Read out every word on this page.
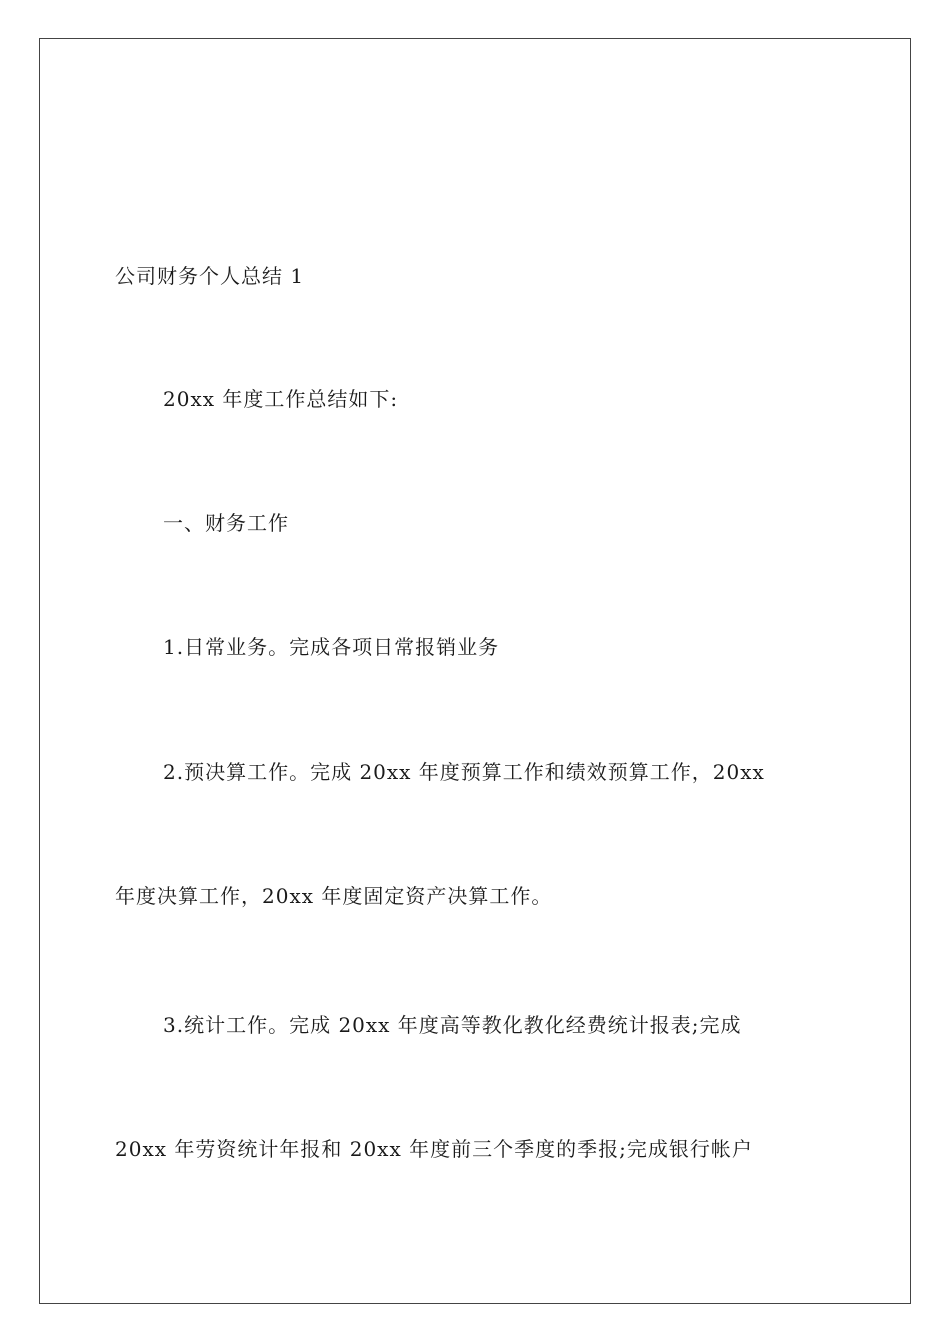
公司财务个人总结 1
20xx 年度工作总结如下:
一、财务工作
1.日常业务。完成各项日常报销业务
2.预决算工作。完成 20xx 年度预算工作和绩效预算工作，20xx
年度决算工作，20xx 年度固定资产决算工作。
3.统计工作。完成 20xx 年度高等教化教化经费统计报表;完成
20xx 年劳资统计年报和 20xx 年度前三个季度的季报;完成银行帐户
